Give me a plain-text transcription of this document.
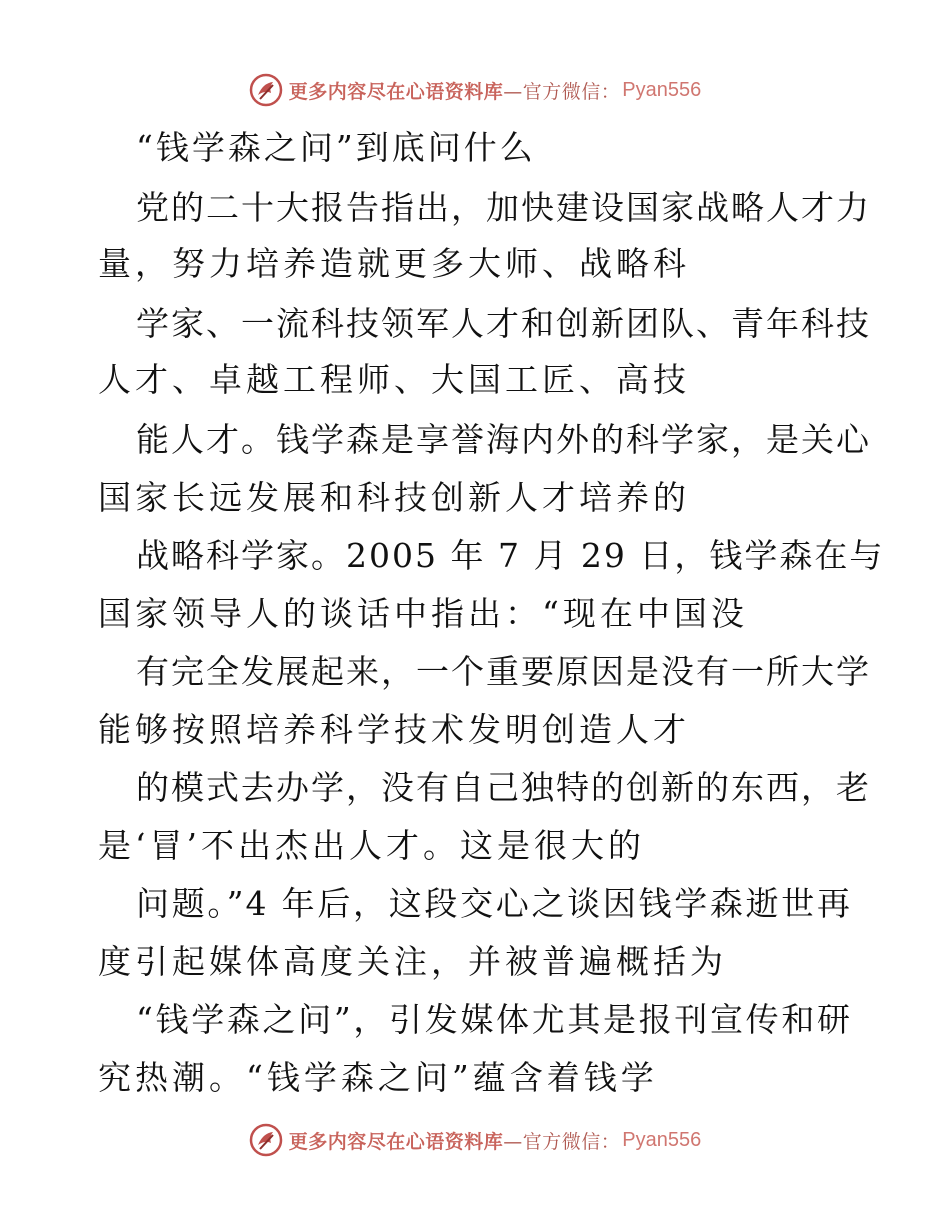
更多内容尽在心语资料库 —官方微信： Pyan556
“钱学森之问”到底问什么
党的二十大报告指出，加快建设国家战略人才力
量，努力培养造就更多大师、战略科
学家、一流科技领军人才和创新团队、青年科技
人才、卓越工程师、大国工匠、高技
能人才。钱学森是享誉海内外的科学家，是关心
国家长远发展和科技创新人才培养的
战略科学家。2005 年 7 月 29 日，钱学森在与
国家领导人的谈话中指出：“现在中国没
有完全发展起来，一个重要原因是没有一所大学
能够按照培养科学技术发明创造人才
的模式去办学，没有自己独特的创新的东西，老
是‘冒’不出杰出人才。这是很大的
问题。”4 年后，这段交心之谈因钱学森逝世再
度引起媒体高度关注，并被普遍概括为
“钱学森之问”，引发媒体尤其是报刊宣传和研
究热潮。“钱学森之问”蕴含着钱学
更多内容尽在心语资料库 —官方微信： Pyan556
